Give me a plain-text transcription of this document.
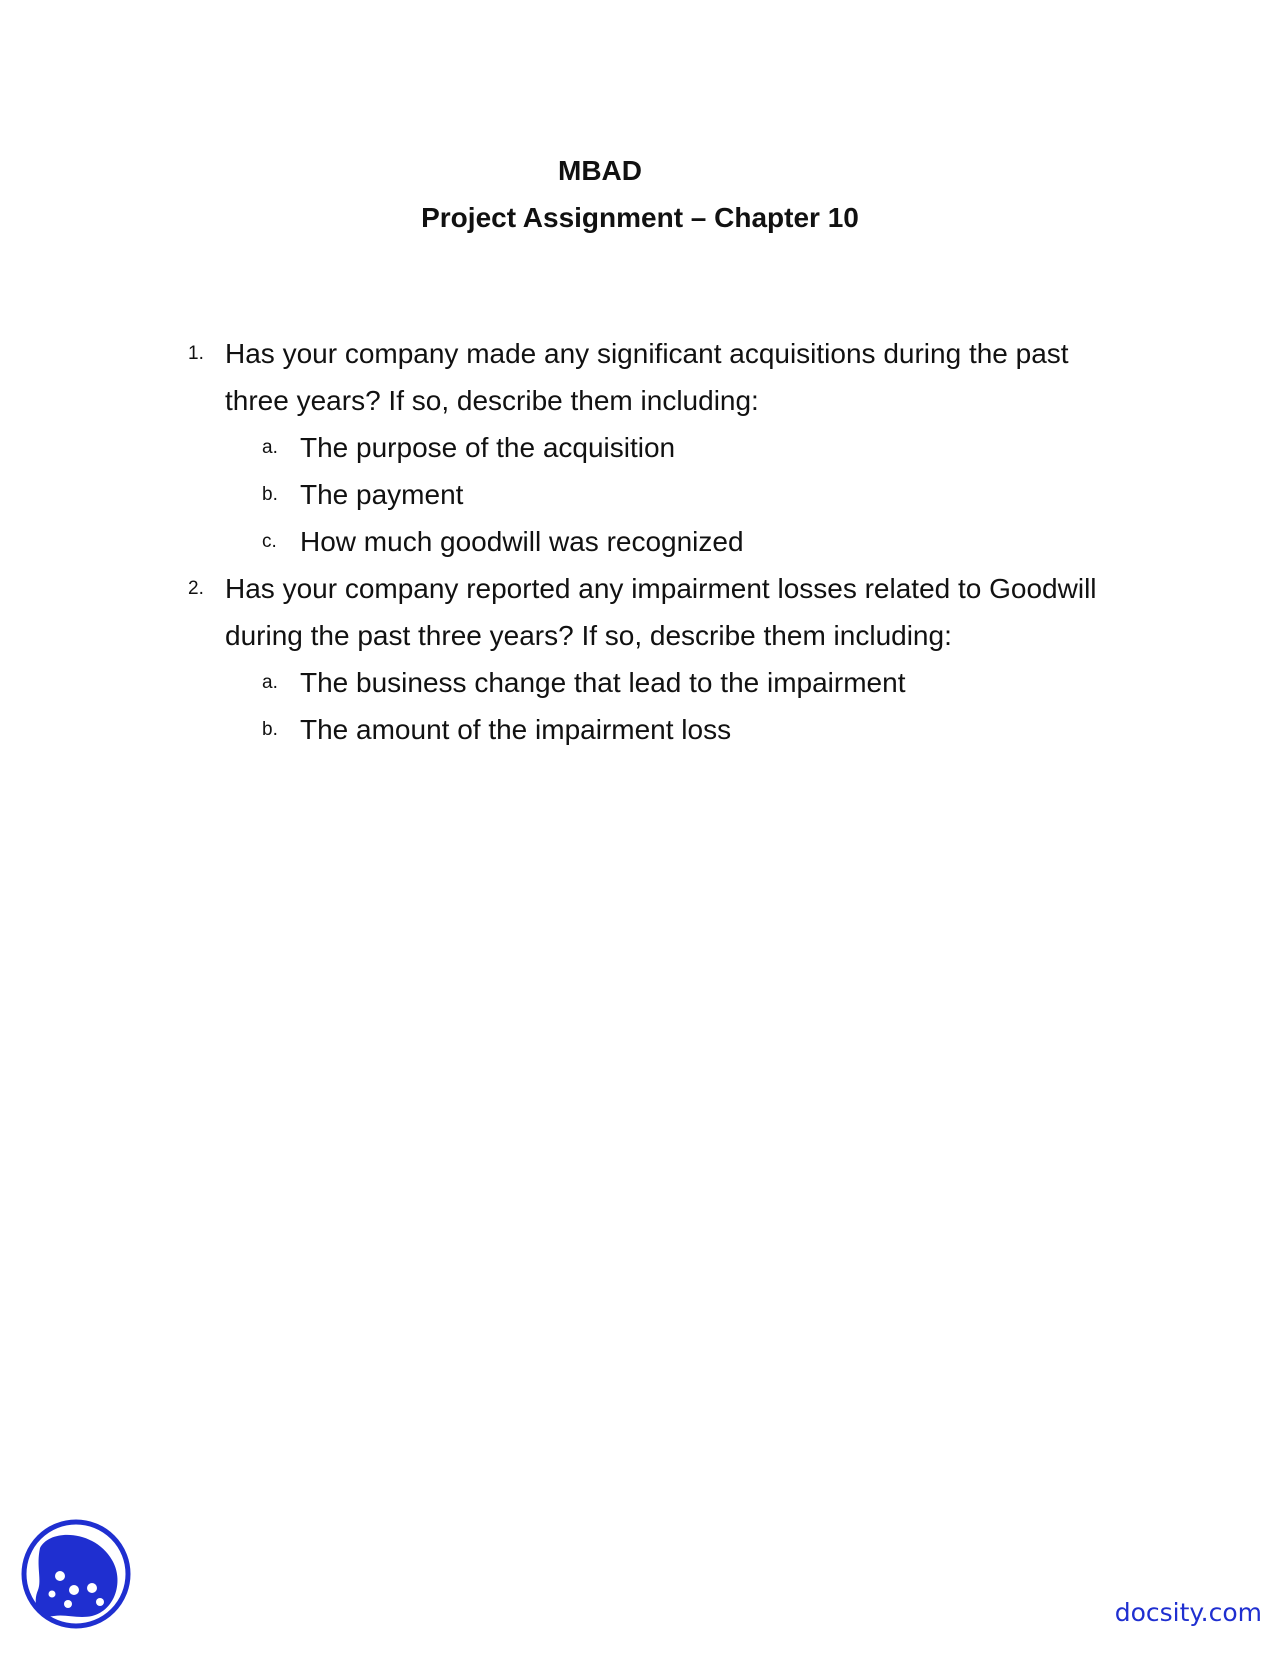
MBAD
Project Assignment – Chapter 10
1. Has your company made any significant acquisitions during the past three years? If so, describe them including:
a. The purpose of the acquisition
b. The payment
c. How much goodwill was recognized
2. Has your company reported any impairment losses related to Goodwill during the past three years? If so, describe them including:
a. The business change that lead to the impairment
b. The amount of the impairment loss
docsity.com
